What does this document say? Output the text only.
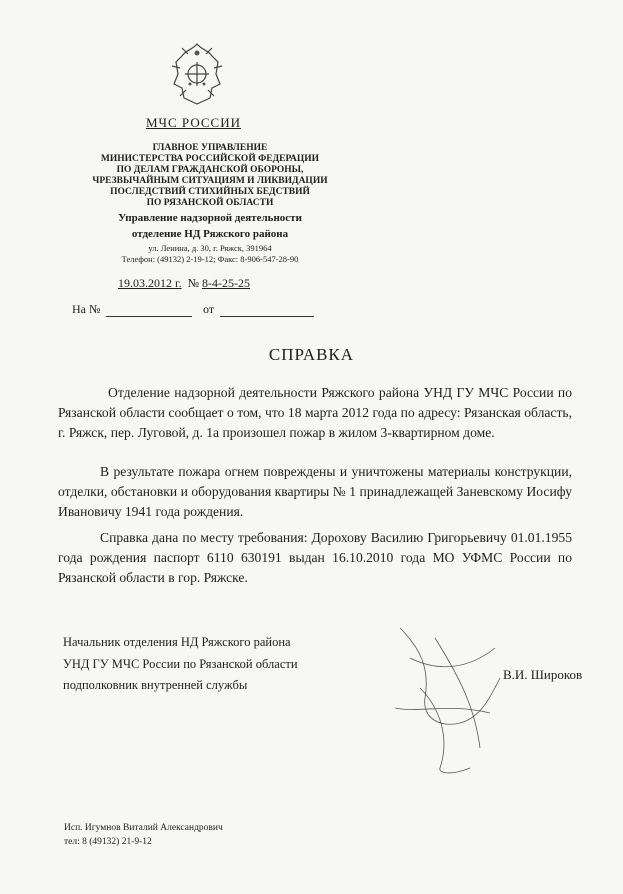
МЧС РОССИИ
ГЛАВНОЕ УПРАВЛЕНИЕ
МИНИСТЕРСТВА РОССИЙСКОЙ ФЕДЕРАЦИИ
ПО ДЕЛАМ ГРАЖДАНСКОЙ ОБОРОНЫ,
ЧРЕЗВЫЧАЙНЫМ СИТУАЦИЯМ И ЛИКВИДАЦИИ
ПОСЛЕДСТВИЙ СТИХИЙНЫХ БЕДСТВИЙ
ПО РЯЗАНСКОЙ ОБЛАСТИ
Управление надзорной деятельности
отделение НД Ряжского района
ул. Ленина, д. 30, г. Ряжск, 391964
Телефон: (49132) 2-19-12; Факс: 8-906-547-28-90
19.03.2012 г. № 8-4-25-25
На №	от
СПРАВКА
Отделение надзорной деятельности Ряжского района УНД ГУ МЧС России по Рязанской области сообщает о том, что 18 марта 2012 года по адресу: Рязанская область, г. Ряжск, пер. Луговой, д. 1а произошел пожар в жилом 3-квартирном доме.
В результате пожара огнем повреждены и уничтожены материалы конструкции, отделки, обстановки и оборудования квартиры № 1 принадлежащей Заневскому Иосифу Ивановичу 1941 года рождения.
Справка дана по месту требования: Дорохову Василию Григорьевичу 01.01.1955 года рождения паспорт 6110 630191 выдан 16.10.2010 года МО УФМС России по Рязанской области в гор. Ряжске.
Начальник отделения НД Ряжского района
УНД ГУ МЧС России по Рязанской области
подполковник внутренней службы
В.И. Широков
Исп. Игумнов Виталий Александрович
тел: 8 (49132) 21-9-12
